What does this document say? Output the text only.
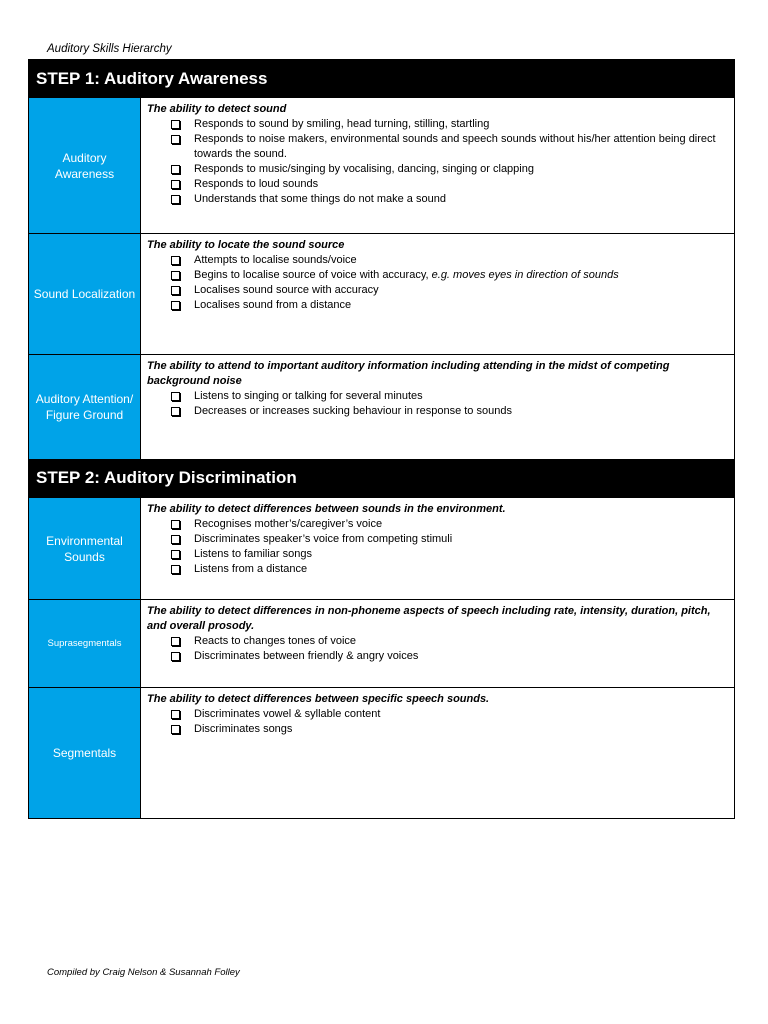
Auditory Skills Hierarchy
STEP 1: Auditory Awareness
Auditory Awareness
The ability to detect sound
Responds to sound by smiling, head turning, stilling, startling
Responds to noise makers, environmental sounds and speech sounds without his/her attention being direct towards the sound.
Responds to music/singing by vocalising, dancing, singing or clapping
Responds to loud sounds
Understands that some things do not make a sound
Sound Localization
The ability to locate the sound source
Attempts to localise sounds/voice
Begins to localise source of voice with accuracy, e.g. moves eyes in direction of sounds
Localises sound source with accuracy
Localises sound from a distance
Auditory Attention/ Figure Ground
The ability to attend to important auditory information including attending in the midst of competing background noise
Listens to singing or talking for several minutes
Decreases or increases sucking behaviour in response to sounds
STEP 2: Auditory Discrimination
Environmental Sounds
The ability to detect differences between sounds in the environment.
Recognises mother’s/caregiver’s voice
Discriminates speaker’s voice from competing stimuli
Listens to familiar songs
Listens from a distance
Suprasegmentals
The ability to detect differences in non-phoneme aspects of speech including rate, intensity, duration, pitch, and overall prosody.
Reacts to changes tones of voice
Discriminates between friendly & angry voices
Segmentals
The ability to detect differences between specific speech sounds.
Discriminates vowel & syllable content
Discriminates songs
Compiled by Craig Nelson & Susannah Folley
